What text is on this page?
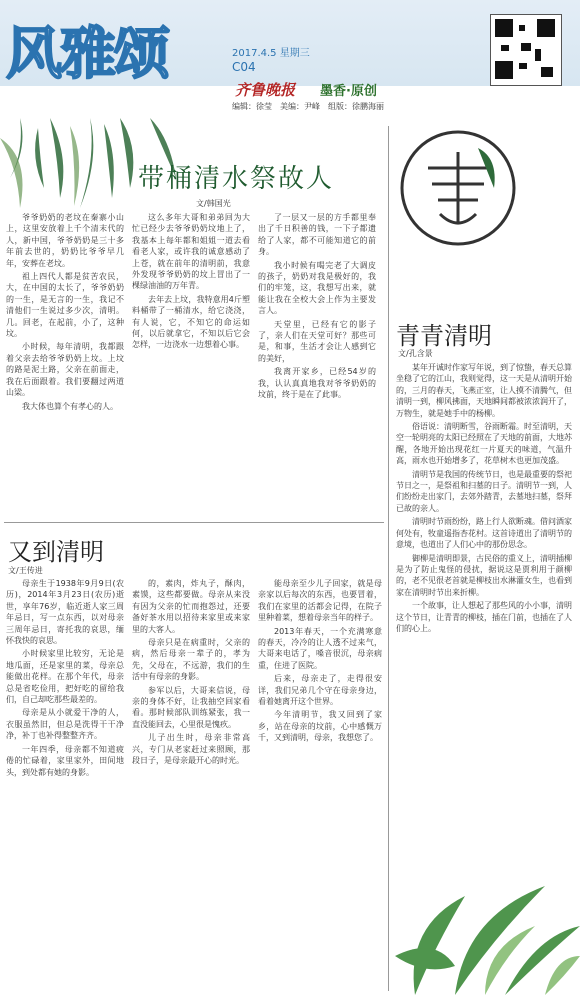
风雅颂	2017.4.5 星期三
C04
齐鲁晚报 墨香·原创
编辑：徐莹　美编：尹峰　组版：徐鹏海丽
带桶清水祭故人
文/韩国光

爷爷奶奶的老坟在秦寨小山上，这里安放着上千个清末代的人，新中国，爷爷奶奶是三十多年前去世的，奶奶比爷爷早几年，安葬在老坟。

祖上四代人都是贫苦农民，大，在中国的太长了，爷爷奶奶的一生，是无言的一生，我记不清他们一生说过多少次，清明。几。回老，在起前，小了，这种坟。

小时候，每年清明，我都跟着父亲去给爷爷奶奶上坟。上坟的路是泥土路，父亲在前面走，我在后面跟着。我们要翻过两道山梁。

我大体也算个有孝心的人。

这么多年大哥和弟弟回为大忙已经少去爷爷奶奶坟地上了，我基本上每年都和姐姐一道去看看老人家，或许我的诚意感动了上苍，就在前年的清明前，我意外发现爷爷奶奶的坟上冒出了一棵绿油油的万年青。

去年去上坟，我特意用4斤塑料桶带了一桶清水，给它浇浇，有人说，它，不知它的命运如何，以后就拿它，不知以后它会怎样，一边浇水一边想着心事。

了一层又一层的方手都里奉出了千日积善的钱，一下子都遗给了人家，都不可能知道它的前身。

我小时候有喝完老了大调皮的孩子，奶奶对我是极好的，我们的牢笼，这，我想写出来，就能让我在全校大会上作为主要发言人。

天堂里，已经有它的影子了，亲人们在天堂可好？那些可是，和事，生活才会让人感到它的美好，

我离开家乡，已经54岁的我，认认真真地我对爷爷奶奶的坟前，终于是在了此事。

青青清明
文/孔含景

某年开诚时作家写年说，到了惊蛰，春天总算坐稳了它的江山，我则觉得，这一天是从清明开始的，三月的春天，飞燕正室，让人摸不清腾气，但清明一到，柳风拂面，天地瞬间都被浓浓润开了，万物生，就是她手中的杨柳。

俗语说：清明断雪，谷雨断霜。时至清明，天空一轮明亮的太阳已经照在了天地的前面，大地苏醒，各地开始出现花红一片夏天的味道，气温升高，雨水也开始增多了，花草树木也更加茂盛。

清明节是我国的传统节日，也是最重要的祭祀节日之一，是祭祖和扫墓的日子。清明节一到，人们纷纷走出家门，去郊外踏青，去墓地扫墓，祭拜已故的亲人。

清明时节雨纷纷，路上行人欲断魂。借问酒家何处有，牧童遥指杏花村。这首诗道出了清明节的意境，也道出了人们心中的那份思念。

御柳是清明即景，古民俗的重义上，清明插柳是为了防止鬼怪的侵扰，据说这是贾利用于颜柳的，老不见很老首就是柳枝出水淋灌女生，也看到家在清明时节出来折柳。

一个故事，让人想起了那些风的小小事，清明这个节日，让青青的柳枝，插在门前，也插在了人们的心上。

又到清明
文/王传进

母亲生于1938年9月9日(农历)，2014年3月23日(农历)逝世，享年76岁，临近逝人家三周年忌日，写一点东西，以对母亲三周年忌日，寄托我的哀思，缅怀我快的哀思。

小时候家里比较穷，无论是地瓜面，还是家里的菜，母亲总能做出花样。在那个年代，母亲总是省吃俭用，把好吃的留给我们，自己却吃那些最差的。

母亲是从小就爱干净的人，衣服虽然旧，但总是洗得干干净净，补丁也补得整整齐齐。

一年四季，母亲都不知道疲倦的忙碌着，家里家外，田间地头，到处都有她的身影。

的，素肉，炸丸子，酥肉，素馍，这些都要做。母亲从来没有因为父亲的忙而抱怨过，还要备好茶水用以招待来家里或来家里的大客人。

母亲只是在病重时，父亲的病，然后母亲一辈子的，孝为先，父母在，不远游，我们的生活中有母亲的身影。

参军以后，大哥来信说，母亲的身体不好，让我抽空回家看看。那时候部队训练紧张，我一直没能回去，心里很是愧疚。

儿子出生时，母亲非常高兴，专门从老家赶过来照顾，那段日子，是母亲最开心的时光。

能母亲至少儿子回家，就是母亲家以后每次的东西，也要冒着，我们在家里的活都会记得，在院子里种着菜，想着母亲当年的样子。

2013年春天，一个充满寒意的春天，冷冷的让人透不过来气，大哥来电话了，嗓音很沉，母亲病重，住进了医院。

后来，母亲走了，走得很安详，我们兄弟几个守在母亲身边，看着她离开这个世界。

今年清明节，我又回到了家乡，站在母亲的坟前，心中感慨万千，又到清明，母亲，我想您了。
